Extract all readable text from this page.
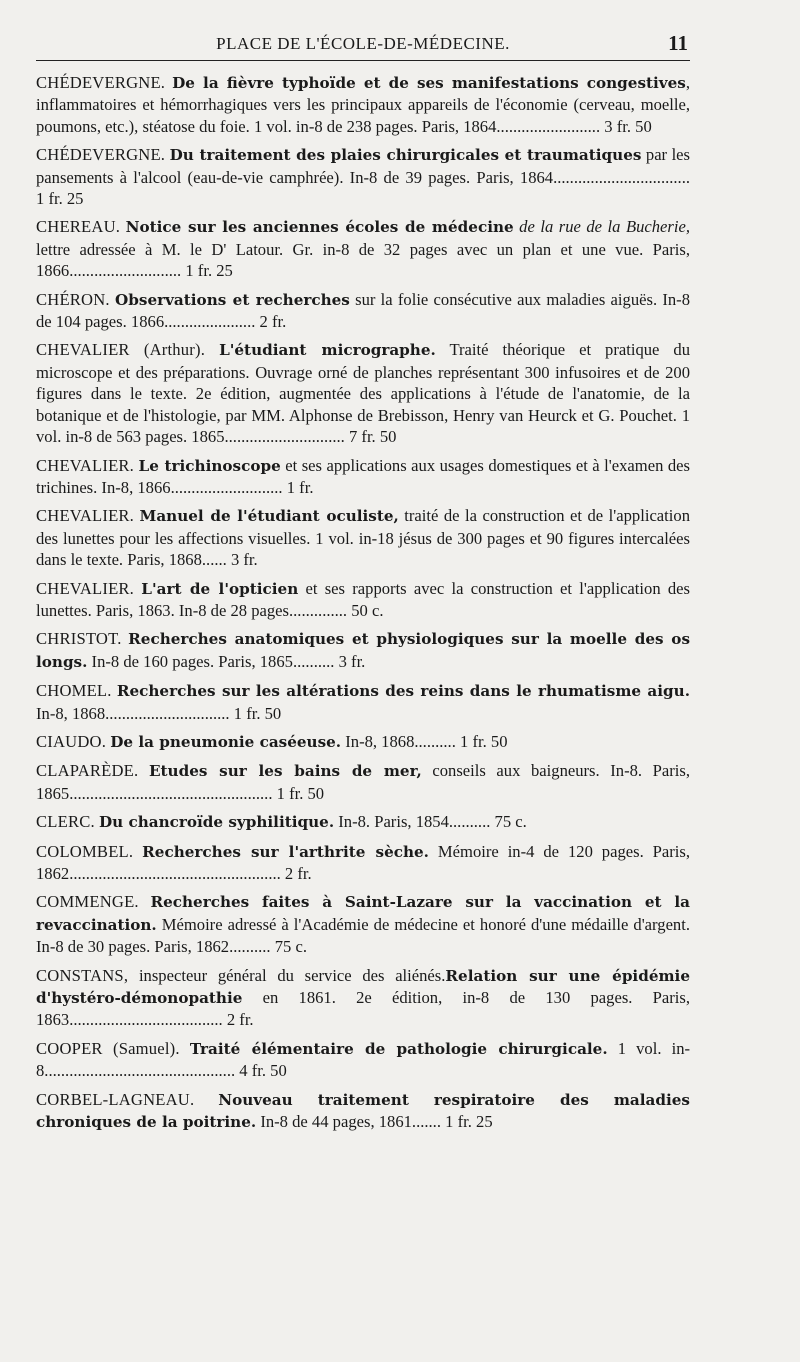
PLACE DE L'ÉCOLE-DE-MÉDECINE.	11
CHÉDEVERGNE. De la fièvre typhoïde et de ses manifestations congestives, inflammatoires et hémorrhagiques vers les principaux appareils de l'économie (cerveau, moelle, poumons, etc.), stéatose du foie. 1 vol. in-8 de 238 pages. Paris, 1864......................... 3 fr. 50
CHÉDEVERGNE. Du traitement des plaies chirurgicales et traumatiques par les pansements à l'alcool (eau-de-vie camphrée). In-8 de 39 pages. Paris, 1864................................. 1 fr. 25
CHEREAU. Notice sur les anciennes écoles de médecine de la rue de la Bucherie, lettre adressée à M. le D' Latour. Gr. in-8 de 32 pages avec un plan et une vue. Paris, 1866........................... 1 fr. 25
CHÉRON. Observations et recherches sur la folie consécutive aux maladies aiguës. In-8 de 104 pages. 1866...................... 2 fr.
CHEVALIER (Arthur). L'étudiant micrographe. Traité théorique et pratique du microscope et des préparations. Ouvrage orné de planches représentant 300 infusoires et de 200 figures dans le texte. 2e édition, augmentée des applications à l'étude de l'anatomie, de la botanique et de l'histologie, par MM. Alphonse de Brebisson, Henry van Heurck et G. Pouchet. 1 vol. in-8 de 563 pages. 1865............................. 7 fr. 50
CHEVALIER. Le trichinoscope et ses applications aux usages domestiques et à l'examen des trichines. In-8, 1866........................... 1 fr.
CHEVALIER. Manuel de l'étudiant oculiste, traité de la construction et de l'application des lunettes pour les affections visuelles. 1 vol. in-18 jésus de 300 pages et 90 figures intercalées dans le texte. Paris, 1868...... 3 fr.
CHEVALIER. L'art de l'opticien et ses rapports avec la construction et l'application des lunettes. Paris, 1863. In-8 de 28 pages.............. 50 c.
CHRISTOT. Recherches anatomiques et physiologiques sur la moelle des os longs. In-8 de 160 pages. Paris, 1865.......... 3 fr.
CHOMEL. Recherches sur les altérations des reins dans le rhumatisme aigu. In-8, 1868.............................. 1 fr. 50
CIAUDO. De la pneumonie caséeuse. In-8, 1868.......... 1 fr. 50
CLAPARÈDE. Etudes sur les bains de mer, conseils aux baigneurs. In-8. Paris, 1865................................................. 1 fr. 50
CLERC. Du chancroïde syphilitique. In-8. Paris, 1854.......... 75 c.
COLOMBEL. Recherches sur l'arthrite sèche. Mémoire in-4 de 120 pages. Paris, 1862................................................... 2 fr.
COMMENGE. Recherches faites à Saint-Lazare sur la vaccination et la revaccination. Mémoire adressé à l'Académie de médecine et honoré d'une médaille d'argent. In-8 de 30 pages. Paris, 1862.......... 75 c.
CONSTANS, inspecteur général du service des aliénés.Relation sur une épidémie d'hystéro-démonopathie en 1861. 2e édition, in-8 de 130 pages. Paris, 1863..................................... 2 fr.
COOPER (Samuel). Traité élémentaire de pathologie chirurgicale. 1 vol. in-8.............................................. 4 fr. 50
CORBEL-LAGNEAU. Nouveau traitement respiratoire des maladies chroniques de la poitrine. In-8 de 44 pages, 1861....... 1 fr. 25
